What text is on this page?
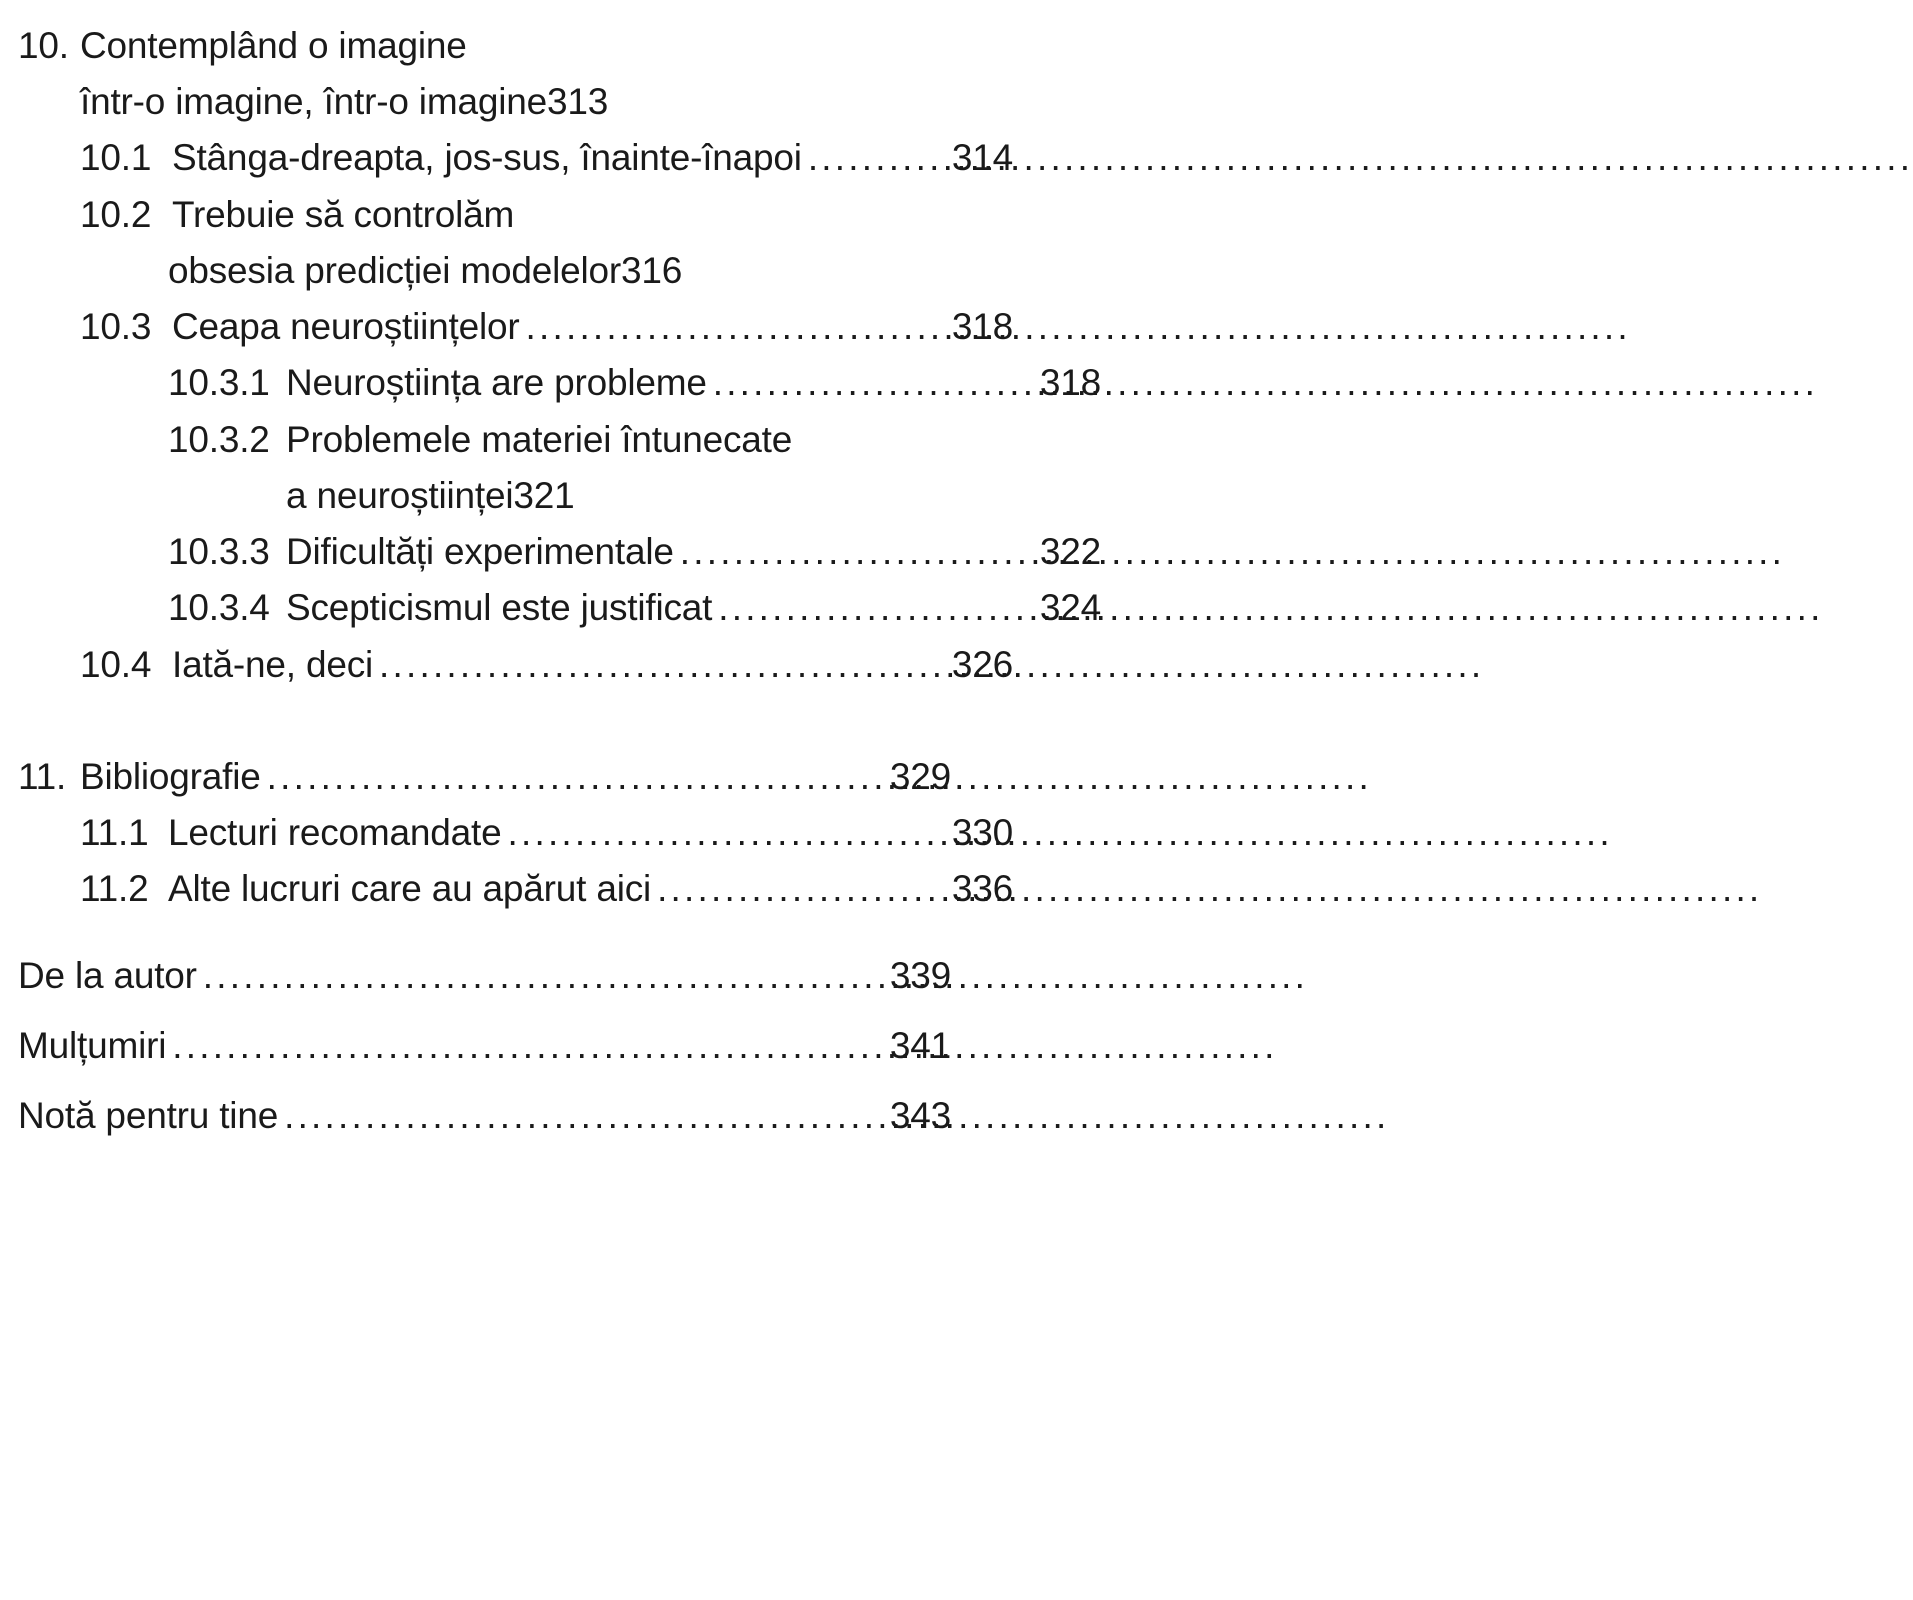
10. Contemplând o imagine
într-o imagine, într-o imagine 313
10.1 Stânga-dreapta, jos-sus, înainte-înapoi .....	314
10.2 Trebuie să controlăm
obsesia predicției modelelor 316
10.3 Ceapa neuroștiințelor .....	318
10.3.1 Neuroștiința are probleme .....	318
10.3.2 Problemele materiei întunecate
a neuroștiinței 321
10.3.3 Dificultăți experimentale .....	322
10.3.4 Scepticismul este justificat .....	324
10.4 Iată-ne, deci .....	326
11. Bibliografie .....	329
11.1 Lecturi recomandate .....	330
11.2 Alte lucruri care au apărut aici .....	336
De la autor .....	339
Mulțumiri .....	341
Notă pentru tine .....	343
